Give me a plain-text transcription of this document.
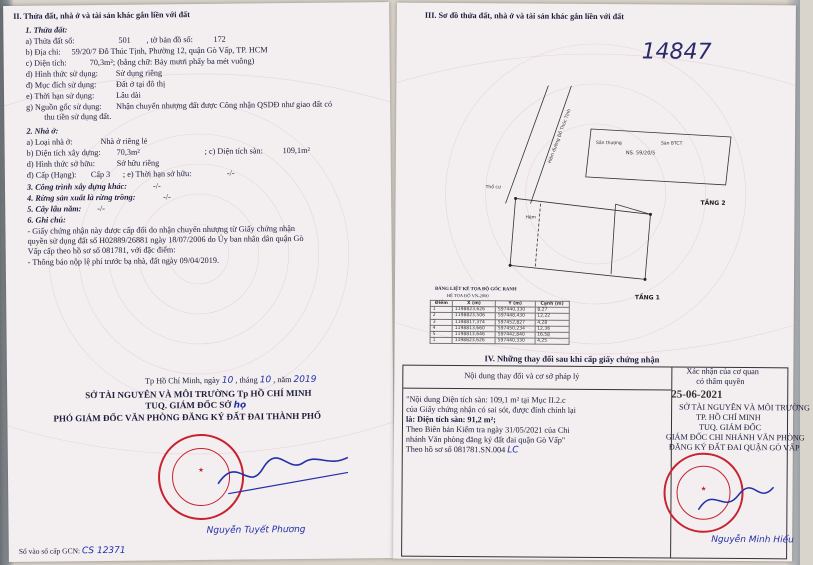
II. Thửa đất, nhà ở và tài sản khác gắn liền với đất
1. Thửa đất:
a) Thửa đất số:	501 , tờ bản đồ số: 172
b) Địa chỉ: 59/20/7 Đỗ Thúc Tịnh, Phường 12, quận Gò Vấp, TP. HCM
c) Diện tích:	70,3m²; (bằng chữ: Bảy mươi phẩy ba mét vuông)
d) Hình thức sử dụng: Sử dụng riêng
đ) Mục đích sử dụng: Đất ở tại đô thị
e) Thời hạn sử dụng:	Lâu dài
g) Nguồn gốc sử dụng: Nhận chuyển nhượng đất được Công nhận QSDĐ như giao đất có
thu tiền sử dụng đất.
2. Nhà ở:
a) Loại nhà ở:	Nhà ở riêng lẻ
b) Diện tích xây dựng: 70,3m²	; c) Diện tích sàn: 109,1m²
d) Hình thức sở hữu:	Sở hữu riêng
đ) Cấp (Hạng): Cấp 3 ; e) Thời hạn sở hữu:	-/-
3. Công trình xây dựng khác:	-/-
4. Rừng sản xuất là rừng trồng:	-/-
5. Cây lâu năm: -/-
6. Ghi chú:
- Giấy chứng nhận này được cấp đổi do nhận chuyển nhượng từ Giấy chứng nhận
quyền sử dụng đất số H02889/26881 ngày 18/07/2006 do Ủy ban nhân dân quận Gò
Vấp cấp theo hồ sơ số 081781, với đặc điểm:
- Thông báo nộp lệ phí trước bạ nhà, đất ngày 09/04/2019.
Tp Hồ Chí Minh, ngày 10 , tháng 10 , năm 2019
SỞ TÀI NGUYÊN VÀ MÔI TRƯỜNG Tp HỒ CHÍ MINH
TUQ. GIÁM ĐỐC SỞ họ
PHÓ GIÁM ĐỐC VĂN PHÒNG ĐĂNG KÝ ĐẤT ĐAI THÀNH PHỐ
★
Nguyễn Tuyết Phương
Số vào sổ cấp GCN: CS 12371
III. Sơ đồ thửa đất, nhà ở và tài sản khác gắn liền với đất
14847
Hẻm đường Đỗ Thúc Tịnh	NS. 59/20/5
TẦNG 2
TẦNG 1
Thổ cư
Sân thượng	Sàn BTCT
Hẻm
BẢNG LIỆT KÊ TỌA ĐỘ GÓC RANH
HỆ TỌA ĐỘ VN-2000
Điểm	X (m)	Y (m)	Cạnh (m)
1	1198823,626	597440,330	8,27
2	1198823,506	597448,430	12,22
3	1198817,374	597452,827	4,28
4	1198813,660	597450,234	12,36
5	1198813,646	597442,840	16,58
1	1198823,626	597440,330	4,25
IV. Những thay đổi sau khi cấp giấy chứng nhận
Nội dung thay đổi và cơ sở pháp lý	Xác nhận của cơ quan
có thẩm quyền
"Nội dung Diện tích sàn: 109,1 m² tại Mục II.2.c
của Giấy chứng nhận có sai sót, được đính chính lại
là: Diện tích sàn: 91,2 m²;
Theo Biên bản Kiểm tra ngày 31/05/2021 của Chi
nhánh Văn phòng đăng ký đất đai quận Gò Vấp"
Theo hồ sơ số 081781.SN.004 LC
25-06-2021
SỞ TÀI NGUYÊN VÀ MÔI TRƯỜNG
TP. HỒ CHÍ MINH
TUQ. GIÁM ĐỐC
GIÁM ĐỐC CHI NHÁNH VĂN PHÒNG
ĐĂNG KÝ ĐẤT ĐAI QUẬN GÒ VẤP
★
Nguyễn Minh Hiếu
